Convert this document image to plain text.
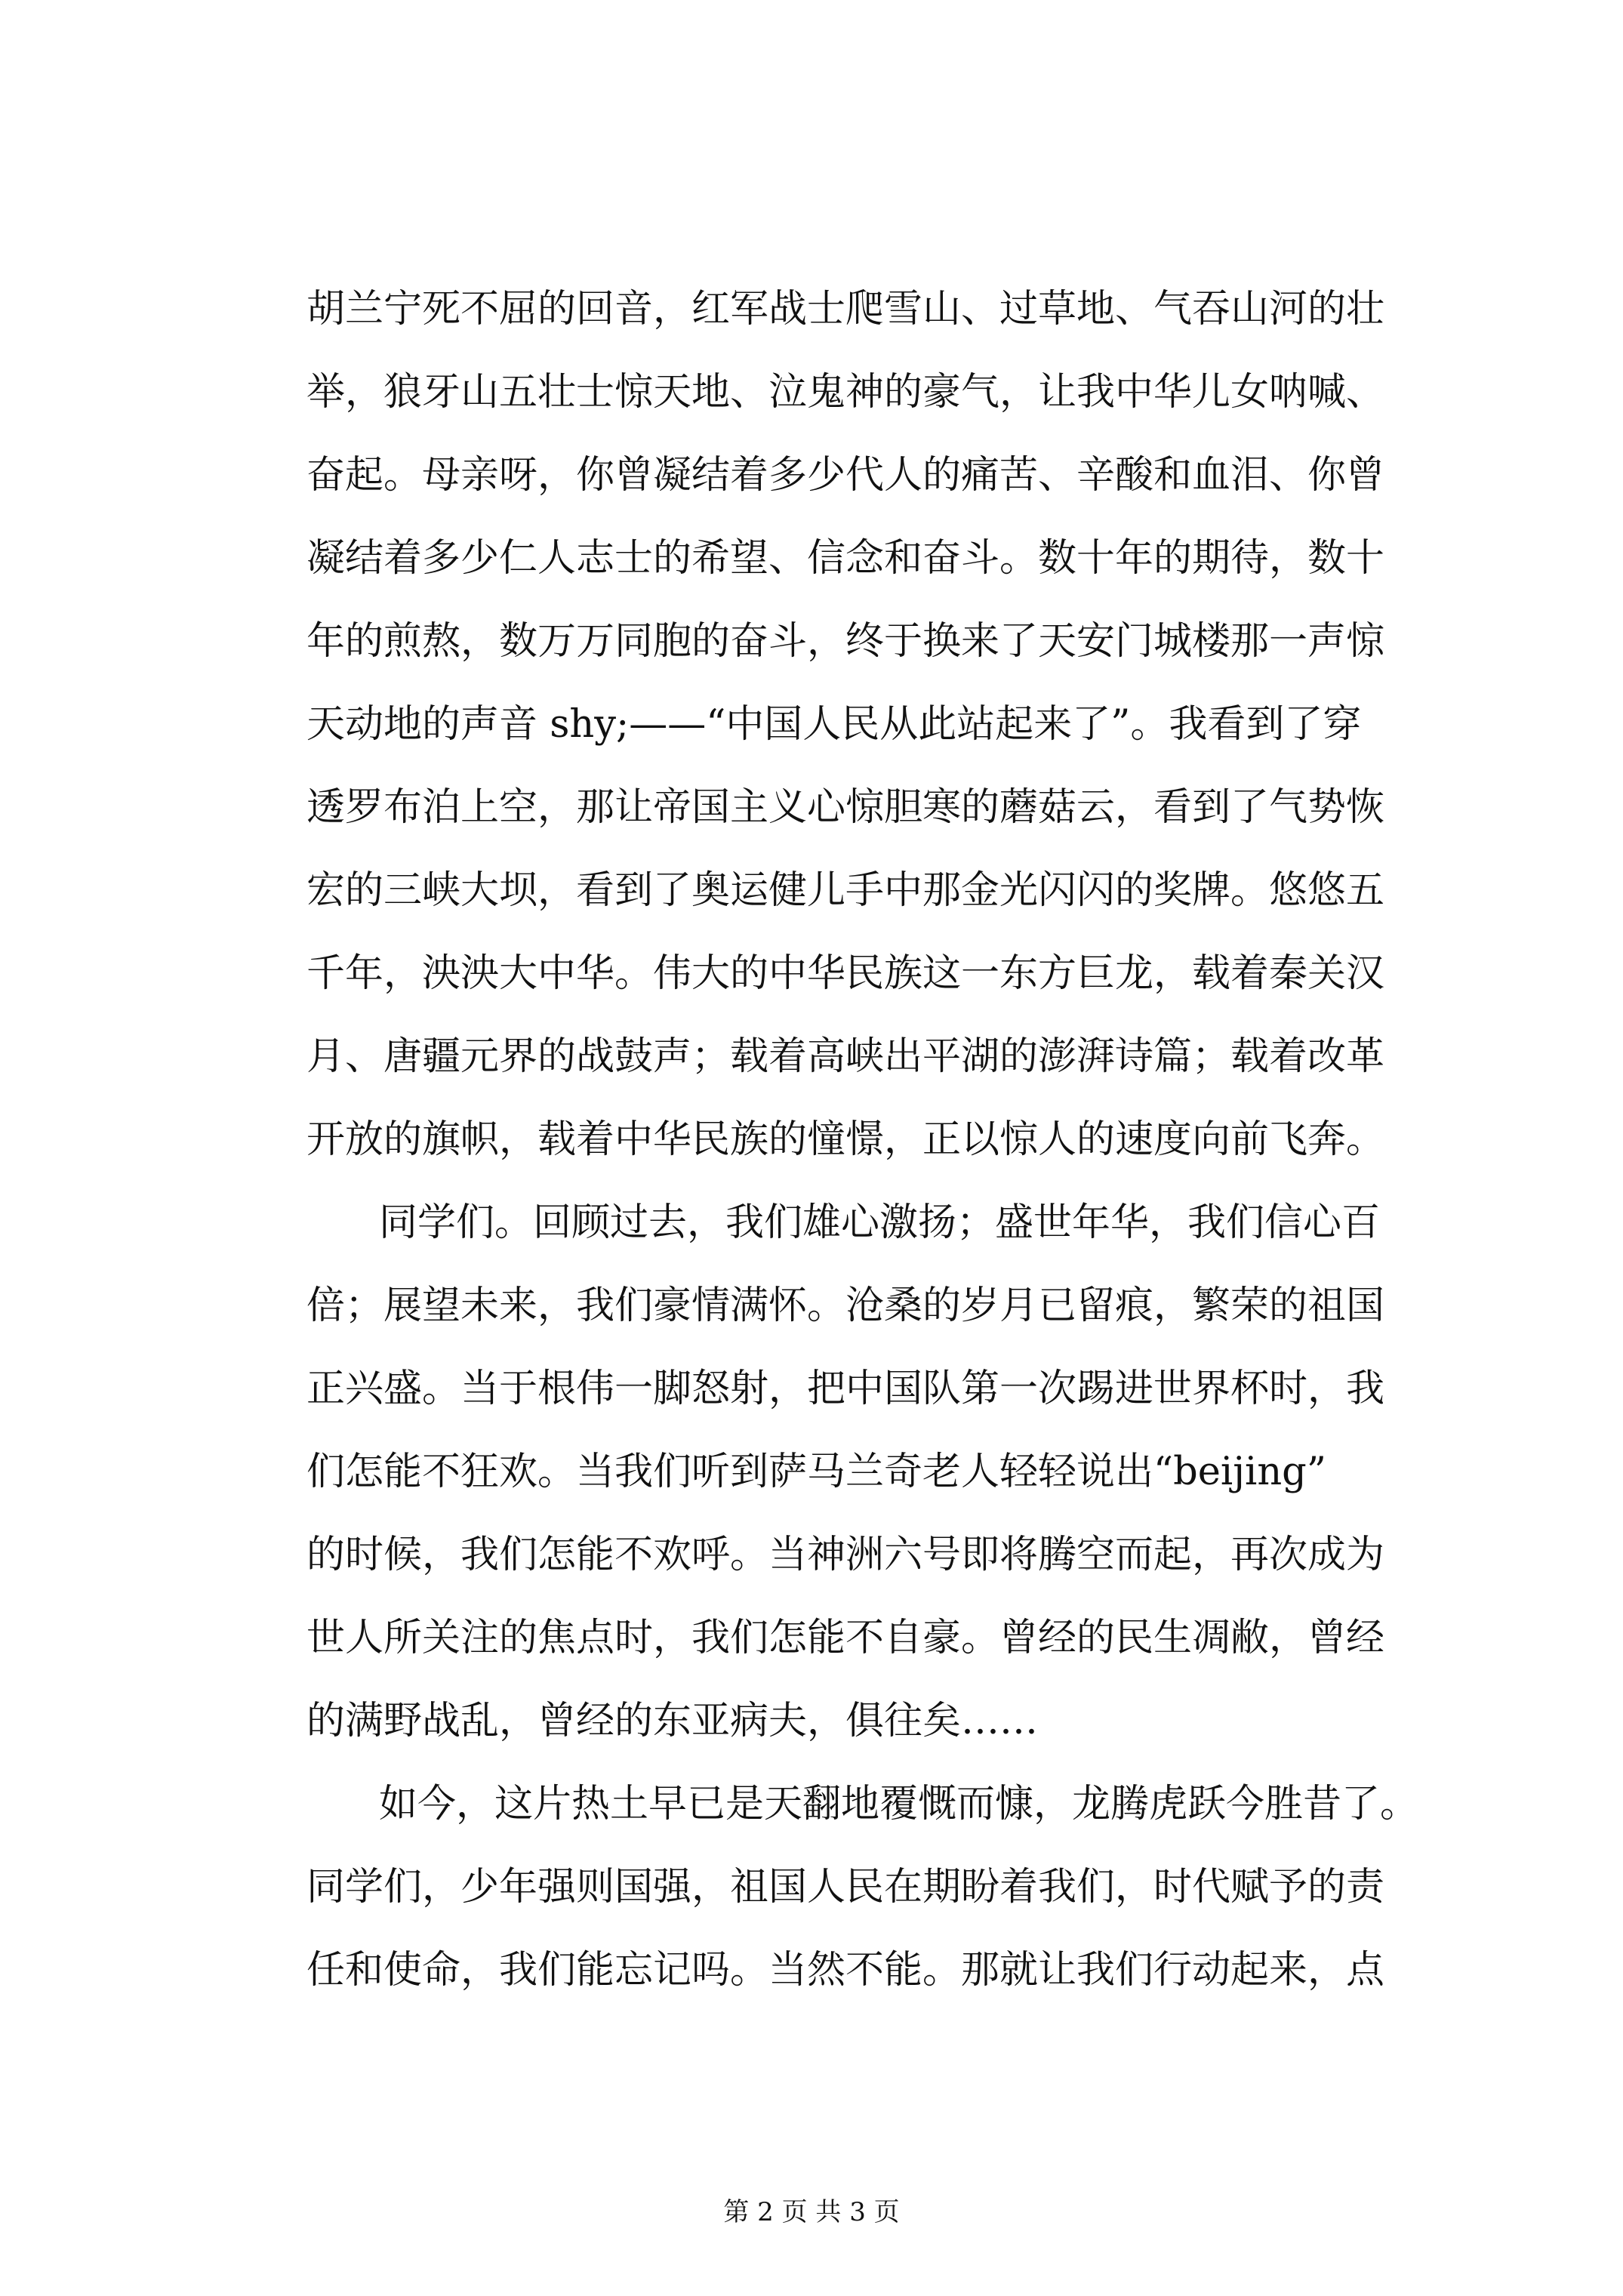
胡兰宁死不屈的回音，红军战士爬雪山、过草地、气吞山河的壮
举，狼牙山五壮士惊天地、泣鬼神的豪气，让我中华儿女呐喊、
奋起。母亲呀，你曾凝结着多少代人的痛苦、辛酸和血泪、你曾
凝结着多少仁人志士的希望、信念和奋斗。数十年的期待，数十
年的煎熬，数万万同胞的奋斗，终于换来了天安门城楼那一声惊
天动地的声音 shy;——“中国人民从此站起来了”。我看到了穿
透罗布泊上空，那让帝国主义心惊胆寒的蘑菇云，看到了气势恢
宏的三峡大坝，看到了奥运健儿手中那金光闪闪的奖牌。悠悠五
千年，泱泱大中华。伟大的中华民族这一东方巨龙，载着秦关汉
月、唐疆元界的战鼓声；载着高峡出平湖的澎湃诗篇；载着改革
开放的旗帜，载着中华民族的憧憬，正以惊人的速度向前飞奔。
同学们。回顾过去，我们雄心激扬；盛世年华，我们信心百
倍；展望未来，我们豪情满怀。沧桑的岁月已留痕，繁荣的祖国
正兴盛。当于根伟一脚怒射，把中国队第一次踢进世界杯时，我
们怎能不狂欢。当我们听到萨马兰奇老人轻轻说出“beijing”
的时候，我们怎能不欢呼。当神洲六号即将腾空而起，再次成为
世人所关注的焦点时，我们怎能不自豪。曾经的民生凋敝，曾经
的满野战乱，曾经的东亚病夫，俱往矣……
如今，这片热土早已是天翻地覆慨而慷，龙腾虎跃今胜昔了。
同学们，少年强则国强，祖国人民在期盼着我们，时代赋予的责
任和使命，我们能忘记吗。当然不能。那就让我们行动起来，点
第 2 页 共 3 页
